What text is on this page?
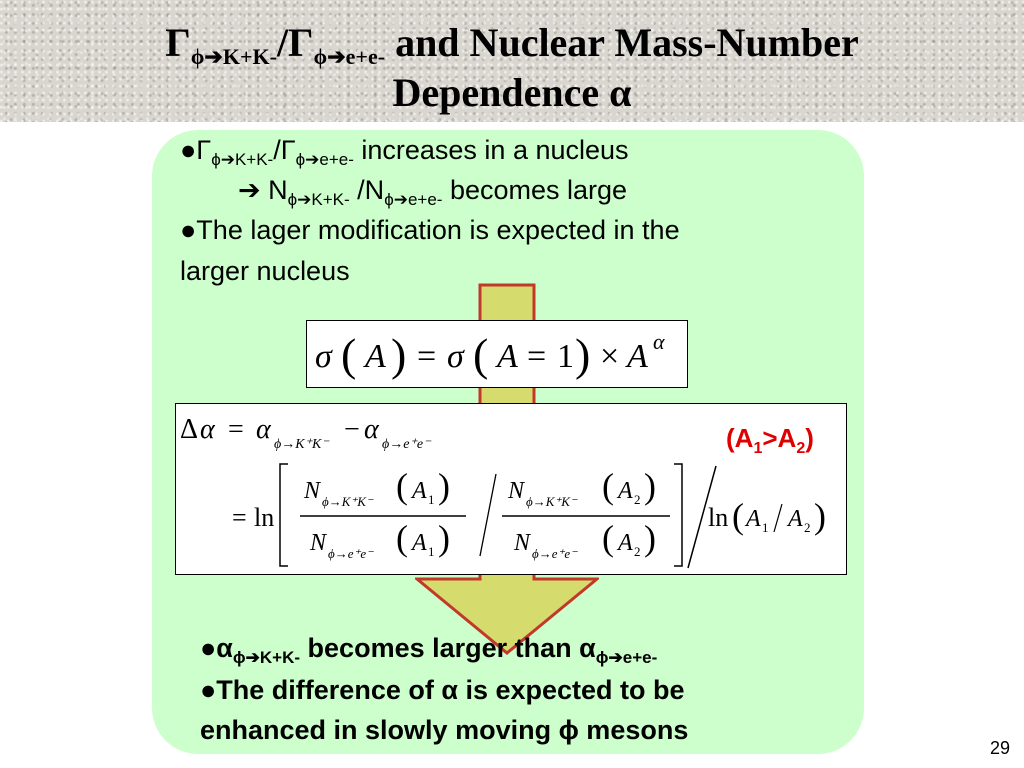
$\Gamma_{\phi➔K+K-}/\Gamma_{\phi➔e+e-}$ and Nuclear Mass-Number
Dependence α
$●\Gamma_{\phi➔K+K-}/\Gamma_{\phi➔e+e-}$ increases in a nucleus
➔ $N_{\phi➔K+K-}$ $/N_{\phi➔e+e-}$ becomes large
●The lager modification is expected in the
larger nucleus
σ ( A ) = σ ( A = 1 ) × A α
Δ α = α ϕ→K⁺K⁻ − α ϕ→e⁺e⁻
= ln
N ϕ→K⁺K⁻ ( A 1 )
N ϕ→e⁺e⁻ ( A 1 )
N ϕ→K⁺K⁻ ( A 2 )
N ϕ→e⁺e⁻ ( A 2 )
ln ( A 1 A 2 )
$(A_1>A_2)$
$●\alpha_{\phi➔K+K-}$ becomes larger than $\alpha_{\phi➔e+e-}$
●The difference of α is expected to be
enhanced in slowly moving ϕ mesons
29
